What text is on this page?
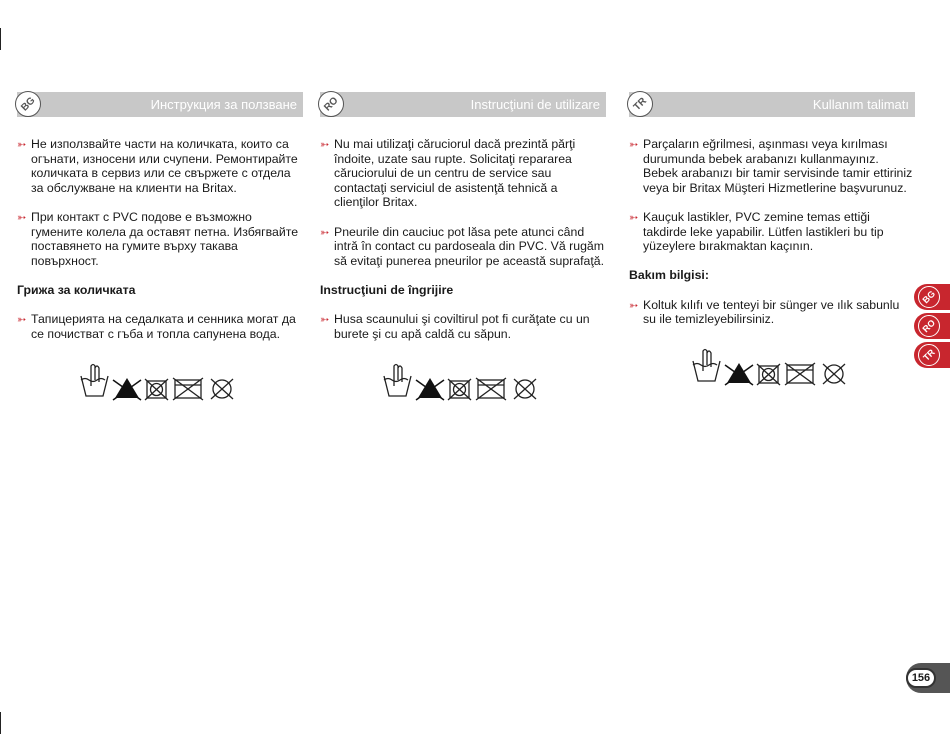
BG	Инструкция за ползване
➳ Не използвайте части на количката, които са огънати, износени или счупени. Ремонтирайте количката в сервиз или се свържете с отдела за обслужване на клиенти на Britax.
➳ При контакт с PVC подове е възможно гумените колела да оставят петна. Избягвайте поставянето на гумите върху такава повърхност.
Грижа за количката
➳ Тапицерията на седалката и сенника могат да се почистват с гъба и топла сапунена вода.
RO	Instrucţiuni de utilizare
➳ Nu mai utilizaţi căruciorul dacă prezintă părţi îndoite, uzate sau rupte. Solicitaţi repararea căruciorului de un centru de service sau contactaţi serviciul de asistenţă tehnică a clienţilor Britax.
➳ Pneurile din cauciuc pot lăsa pete atunci când intră în contact cu pardoseala din PVC. Vă rugăm să evitaţi punerea pneurilor pe această suprafaţă.
Instrucţiuni de îngrijire
➳ Husa scaunului şi coviltirul pot fi curăţate cu un burete şi cu apă caldă cu săpun.
TR	Kullanım talimatı
➳ Parçaların eğrilmesi, aşınması veya kırılması durumunda bebek arabanızı kullanmayınız. Bebek arabanızı bir tamir servisinde tamir ettiriniz veya bir Britax Müşteri Hizmetlerine başvurunuz.
➳ Kauçuk lastikler, PVC zemine temas ettiği takdirde leke yapabilir. Lütfen lastikleri bu tip yüzeylere bırakmaktan kaçının.
Bakım bilgisi:
➳ Koltuk kılıfı ve tenteyi bir sünger ve ılık sabunlu su ile temizleyebilirsiniz.
BG
RO
TR
156
